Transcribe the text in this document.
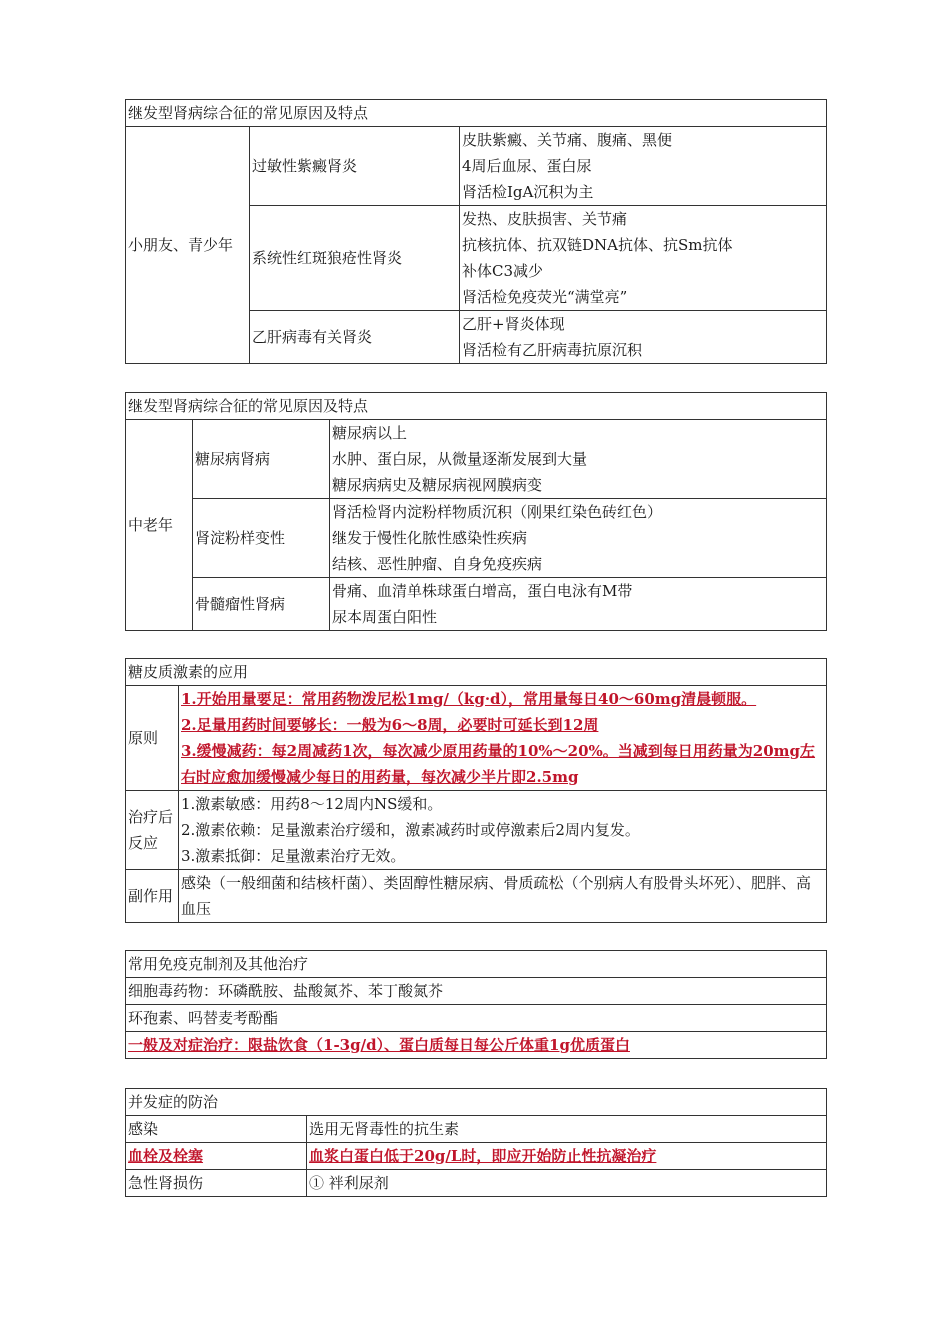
继发型肾病综合征的常见原因及特点		
小朋友、青少年	过敏性紫癜肾炎	皮肤紫癜、关节痛、腹痛、黑便
4周后血尿、蛋白尿
肾活检IgA沉积为主

	系统性红斑狼疮性肾炎	发热、皮肤损害、关节痛
抗核抗体、抗双链DNA抗体、抗Sm抗体
补体C3减少
肾活检免疫荧光“满堂亮”

	乙肝病毒有关肾炎	乙肝+肾炎体现
肾活检有乙肝病毒抗原沉积
继发型肾病综合征的常见原因及特点		
中老年	糖尿病肾病	糖尿病以上
水肿、蛋白尿，从微量逐渐发展到大量
糖尿病病史及糖尿病视网膜病变

	肾淀粉样变性	肾活检肾内淀粉样物质沉积（刚果红染色砖红色）
继发于慢性化脓性感染性疾病
结核、恶性肿瘤、自身免疫疾病

	骨髓瘤性肾病	骨痛、血清单株球蛋白增高，蛋白电泳有M带
尿本周蛋白阳性
糖皮质激素的应用	
原则	1.开始用量要足：常用药物泼尼松1mg/（kg·d），常用量每日40～60mg清晨顿服。
2.足量用药时间要够长：一般为6～8周，必要时可延长到12周
3.缓慢减药：每2周减药1次，每次减少原用药量的10%～20%。当减到每日用药量为20mg左右时应愈加缓慢减少每日的用药量，每次减少半片即2.5mg

治疗后反应	1.激素敏感：用药8～12周内NS缓和。
2.激素依赖：足量激素治疗缓和，激素减药时或停激素后2周内复发。
3.激素抵御：足量激素治疗无效。

副作用	感染（一般细菌和结核杆菌）、类固醇性糖尿病、骨质疏松（个别病人有股骨头坏死）、肥胖、高血压
常用免疫克制剂及其他治疗
细胞毒药物：环磷酰胺、盐酸氮芥、苯丁酸氮芥
环孢素、吗替麦考酚酯
一般及对症治疗：限盐饮食（1-3g/d）、蛋白质每日每公斤体重1g优质蛋白
并发症的防治	
感染	选用无肾毒性的抗生素
血栓及栓塞	血浆白蛋白低于20g/L时，即应开始防止性抗凝治疗
急性肾损伤	① 袢利尿剂
